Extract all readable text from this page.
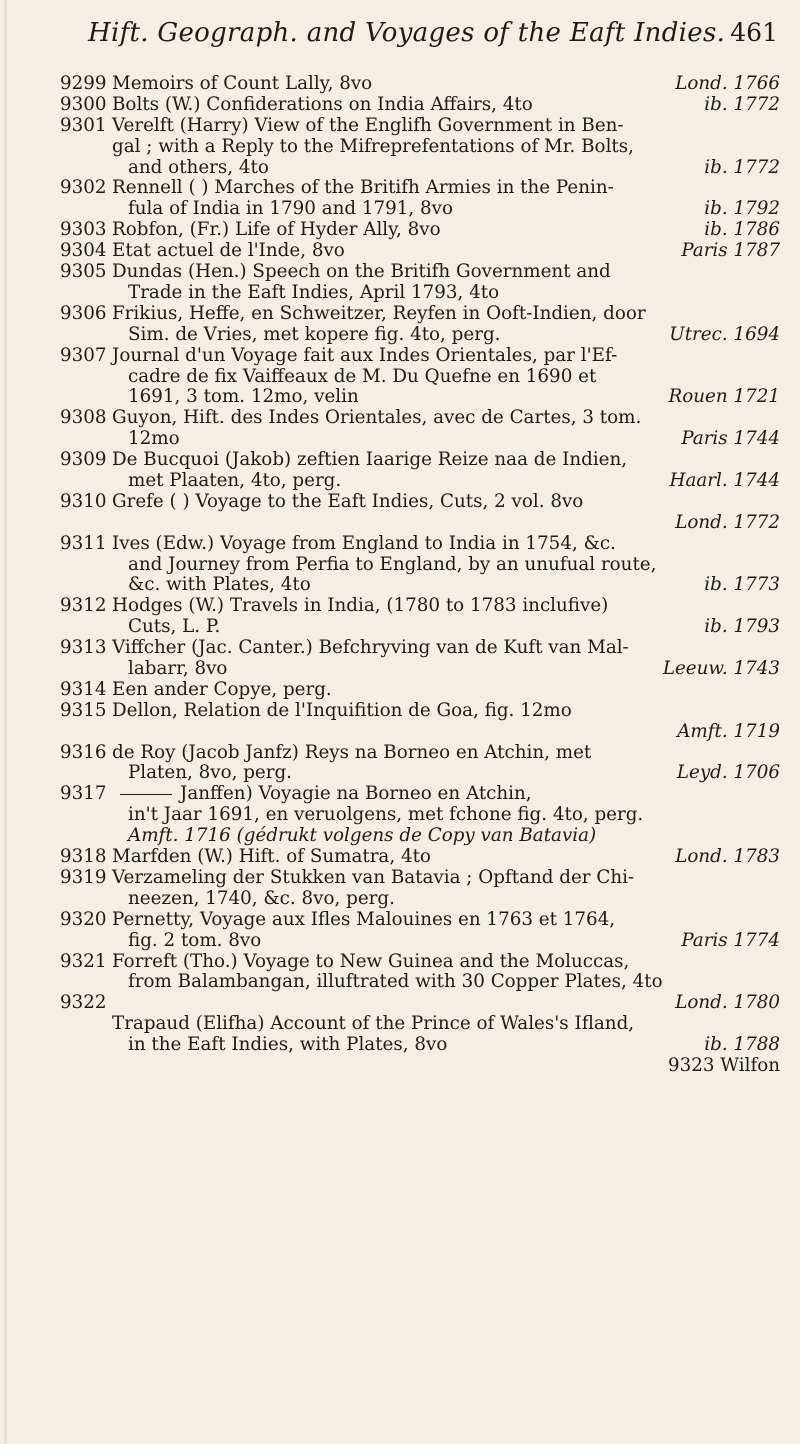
Hift. Geograph. and Voyages of the Eaft Indies. 461
9299 Memoirs of Count Lally, 8vo	Lond. 1766
9300 Bolts (W.) Confiderations on India Affairs, 4to	ib. 1772
9301 Verelft (Harry) View of the Englifh Government in Ben-
gal ; with a Reply to the Mifreprefentations of Mr. Bolts,
and others, 4to	ib. 1772
9302 Rennell ( ) Marches of the Britifh Armies in the Penin-
fula of India in 1790 and 1791, 8vo	ib. 1792
9303 Robfon, (Fr.) Life of Hyder Ally, 8vo	ib. 1786
9304 Etat actuel de l'Inde, 8vo	Paris 1787
9305 Dundas (Hen.) Speech on the Britifh Government and
Trade in the Eaft Indies, April 1793, 4to
9306 Frikius, Heffe, en Schweitzer, Reyfen in Ooft-Indien, door
Sim. de Vries, met kopere fig. 4to, perg.	Utrec. 1694
9307 Journal d'un Voyage fait aux Indes Orientales, par l'Ef-
cadre de fix Vaiffeaux de M. Du Quefne en 1690 et
1691, 3 tom. 12mo, velin	Rouen 1721
9308 Guyon, Hift. des Indes Orientales, avec de Cartes, 3 tom.
12mo	Paris 1744
9309 De Bucquoi (Jakob) zeftien Iaarige Reize naa de Indien,
met Plaaten, 4to, perg.	Haarl. 1744
9310 Grefe ( ) Voyage to the Eaft Indies, Cuts, 2 vol. 8vo
Lond. 1772
9311 Ives (Edw.) Voyage from England to India in 1754, &c.
and Journey from Perfia to England, by an unufual route,
&c. with Plates, 4to	ib. 1773
9312 Hodges (W.) Travels in India, (1780 to 1783 inclufive)
Cuts, L. P.	ib. 1793
9313 Viffcher (Jac. Canter.) Befchryving van de Kuft van Mal-
labarr, 8vo	Leeuw. 1743
9314 Een ander Copye, perg.
9315 Dellon, Relation de l'Inquifition de Goa, fig. 12mo
Amft. 1719
9316 de Roy (Jacob Janfz) Reys na Borneo en Atchin, met
Platen, 8vo, perg.	Leyd. 1706
9317	Janffen) Voyagie na Borneo en Atchin,
in't Jaar 1691, en veruolgens, met fchone fig. 4to, perg.
Amft. 1716 (gédrukt volgens de Copy van Batavia)
9318 Marfden (W.) Hift. of Sumatra, 4to	Lond. 1783
9319 Verzameling der Stukken van Batavia ; Opftand der Chi-
neezen, 1740, &c. 8vo, perg.
9320 Pernetty, Voyage aux Ifles Malouines en 1763 et 1764,
fig. 2 tom. 8vo	Paris 1774
9321 Forreft (Tho.) Voyage to New Guinea and the Moluccas,
from Balambangan, illuftrated with 30 Copper Plates, 4to
9322	Lond. 1780
Trapaud (Elifha) Account of the Prince of Wales's Ifland,
in the Eaft Indies, with Plates, 8vo	ib. 1788
9323 Wilfon
